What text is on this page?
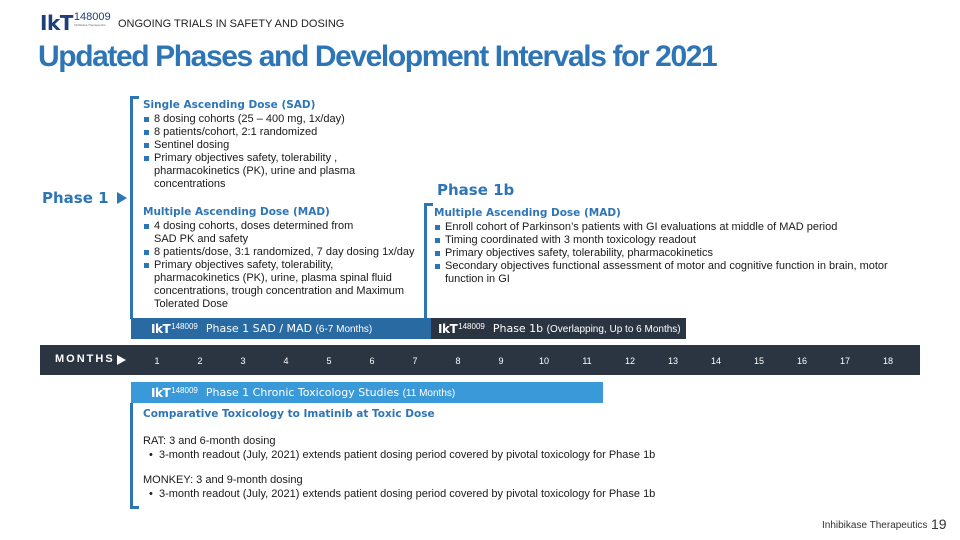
IkT 148009
Inhibikase Therapeutics	ONGOING TRIALS IN SAFETY AND DOSING
Updated Phases and Development Intervals for 2021
Phase 1
Single Ascending Dose (SAD)
8 dosing cohorts (25 – 400 mg, 1x/day)
8 patients/cohort, 2:1 randomized
Sentinel dosing
Primary objectives safety, tolerability , pharmacokinetics (PK), urine and plasma concentrations
Multiple Ascending Dose (MAD)
4 dosing cohorts, doses determined from SAD PK and safety
8 patients/dose, 3:1 randomized, 7 day dosing 1x/day
Primary objectives safety, tolerability, pharmacokinetics (PK), urine, plasma spinal fluid concentrations, trough concentration and Maximum Tolerated Dose
Phase 1b
Multiple Ascending Dose (MAD)
Enroll cohort of Parkinson’s patients with GI evaluations at middle of MAD period
Timing coordinated with 3 month toxicology readout
Primary objectives safety, tolerability, pharmacokinetics
Secondary objectives functional assessment of motor and cognitive function in brain, motor function in GI
IkT 148009 Phase 1 SAD / MAD (6-7 Months)	IkT 148009 Phase 1b (Overlapping, Up to 6 Months)
MONTHS	1	2	3	4	5	6	7	8	9	10	11	12	13	14	15	16	17	18
IkT 148009 Phase 1 Chronic Toxicology Studies (11 Months)
Comparative Toxicology to Imatinib at Toxic Dose
RAT: 3 and 6-month dosing
• 3-month readout (July, 2021) extends patient dosing period covered by pivotal toxicology for Phase 1b
MONKEY: 3 and 9-month dosing
• 3-month readout (July, 2021) extends patient dosing period covered by pivotal toxicology for Phase 1b
Inhibikase Therapeutics 19
